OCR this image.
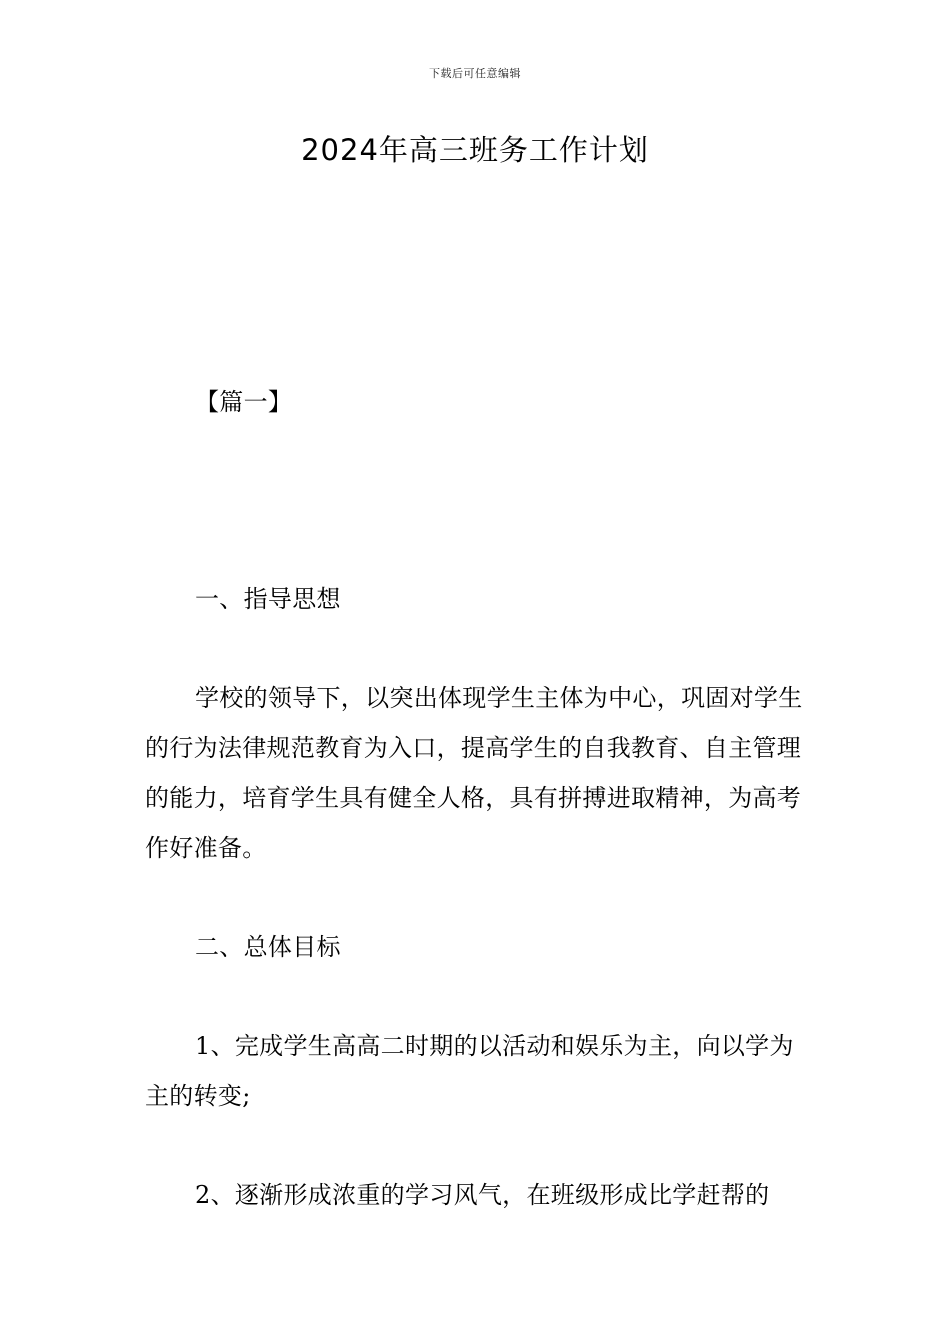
下载后可任意编辑
2024年高三班务工作计划

【篇一】

一、指导思想

学校的领导下，以突出体现学生主体为中心，巩固对学生的行为法律规范教育为入口，提高学生的自我教育、自主管理的能力，培育学生具有健全人格，具有拼搏进取精神，为高考作好准备。

二、总体目标

1、完成学生高高二时期的以活动和娱乐为主，向以学为主的转变;

2、逐渐形成浓重的学习风气，在班级形成比学赶帮的
